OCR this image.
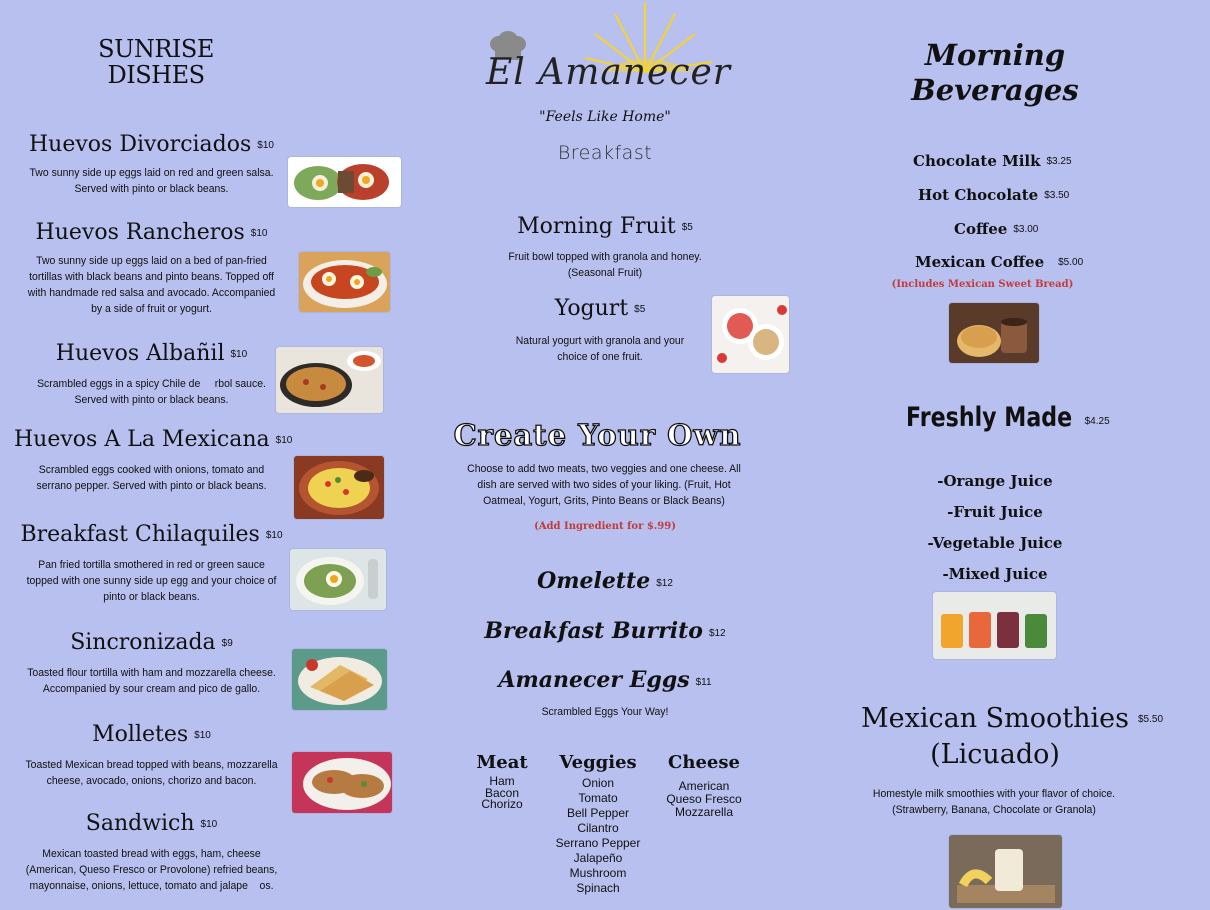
SUNRISE
DISHES
Huevos Divorciados $10
Two sunny side up eggs laid on red and green salsa. Served with pinto or black beans.
Huevos Rancheros $10
Two sunny side up eggs laid on a bed of pan-fried tortillas with black beans and pinto beans. Topped off with handmade red salsa and avocado. Accompanied by a side of fruit or yogurt.
Huevos Albañil $10
Scrambled eggs in a spicy Chile de     rbol sauce. Served with pinto or black beans.
Huevos A La Mexicana $10
Scrambled eggs cooked with onions, tomato and serrano pepper. Served with pinto or black beans.
Breakfast Chilaquiles $10
Pan fried tortilla smothered in red or green sauce topped with one sunny side up egg and your choice of pinto or black beans.
Sincronizada $9
Toasted flour tortilla with ham and mozzarella cheese. Accompanied by sour cream and pico de gallo.
Molletes $10
Toasted Mexican bread topped with beans, mozzarella cheese, avocado, onions, chorizo and bacon.
Sandwich $10
Mexican toasted bread with eggs, ham, cheese (American, Queso Fresco or Provolone) refried beans, mayonnaise, onions, lettuce, tomato and jalape    os.
El Amanecer
"Feels Like Home"
Breakfast
Morning Fruit $5
Fruit bowl topped with granola and honey. (Seasonal Fruit)
Yogurt $5
Natural yogurt with granola and your choice of one fruit.
Create Your Own
Choose to add two meats, two veggies and one cheese. All dish are served with two sides of your liking. (Fruit, Hot Oatmeal, Yogurt, Grits, Pinto Beans or Black Beans)
(Add Ingredient for $.99)
Omelette $12
Breakfast Burrito $12
Amanecer Eggs $11
Scrambled Eggs Your Way!
Meat
Ham
Bacon
Chorizo
Veggies
Onion
Tomato
Bell Pepper
Cilantro
Serrano Pepper
Jalapeño
Mushroom
Spinach
Cheese
American
Queso Fresco
Mozzarella
Morning
Beverages
Chocolate Milk $3.25
Hot Chocolate $3.50
Coffee $3.00
Mexican Coffee $5.00
(Includes Mexican Sweet Bread)
Freshly Made $4.25
-Orange Juice
-Fruit Juice
-Vegetable Juice
-Mixed Juice
Mexican Smoothies
(Licuado)
$5.50
Homestyle milk smoothies with your flavor of choice. (Strawberry, Banana, Chocolate or Granola)
